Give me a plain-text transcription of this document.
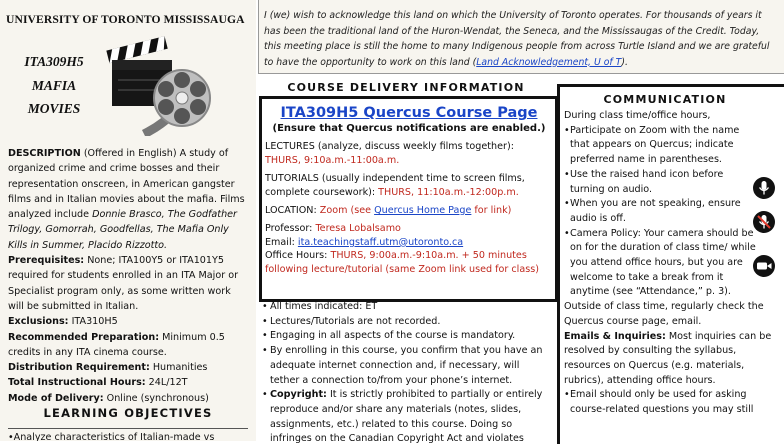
UNIVERSITY OF TORONTO MISSISSAUGA
ITA309H5
MAFIA
MOVIES

DESCRIPTION (Offered in English) A study of organized crime and crime bosses and their representation onscreen, in American gangster films and in Italian movies about the mafia. Films analyzed include Donnie Brasco, The Godfather Trilogy, Gomorrah, Goodfellas, The Mafia Only Kills in Summer, Placido Rizzotto.

Prerequisites: None; ITA100Y5 or ITA101Y5 required for students enrolled in an ITA Major or Specialist program only, as some written work will be submitted in Italian.

Exclusions: ITA310H5

Recommended Preparation: Minimum 0.5 credits in any ITA cinema course.

Distribution Requirement: Humanities

Total Instructional Hours: 24L/12T

Mode of Delivery: Online (synchronous)

LEARNING OBJECTIVES
•Analyze characteristics of Italian-made vs

I (we) wish to acknowledge this land on which the University of Toronto operates. For thousands of years it has been the traditional land of the Huron-Wendat, the Seneca, and the Mississaugas of the Credit. Today, this meeting place is still the home to many Indigenous people from across Turtle Island and we are grateful to have the opportunity to work on this land (Land Acknowledgement, U of T).

COURSE DELIVERY INFORMATION
ITA309H5 Quercus Course Page
(Ensure that Quercus notifications are enabled.)
LECTURES (analyze, discuss weekly films together):
THURS, 9:10a.m.-11:00a.m.
TUTORIALS (usually independent time to screen films, complete coursework): THURS, 11:10a.m.-12:00p.m.
LOCATION: Zoom (see Quercus Home Page for link)
Professor: Teresa Lobalsamo
Email: ita.teachingstaff.utm@utoronto.ca
Office Hours: THURS, 9:00a.m.-9:10a.m. + 50 minutes following lecture/tutorial (same Zoom link used for class)
• All times indicated: ET
• Lectures/Tutorials are not recorded.
• Engaging in all aspects of the course is mandatory.
• By enrolling in this course, you confirm that you have an adequate internet connection and, if necessary, will tether a connection to/from your phone’s internet.
• Copyright: It is strictly prohibited to partially or entirely reproduce and/or share any materials (notes, slides, assignments, etc.) related to this course. Doing so infringes on the Canadian Copyright Act and violates
COMMUNICATION
During class time/office hours,
• Participate on Zoom with the name that appears on Quercus; indicate preferred name in parentheses.
• Use the raised hand icon before turning on audio.
• When you are not speaking, ensure audio is off.
• Camera Policy: Your camera should be on for the duration of class time/ while you attend office hours, but you are welcome to take a break from it anytime (see “Attendance,” p. 3).
Outside of class time, regularly check the Quercus course page, email.
Emails & Inquiries: Most inquiries can be resolved by consulting the syllabus, resources on Quercus (e.g. materials, rubrics), attending office hours.
• Email should only be used for asking course-related questions you may still
